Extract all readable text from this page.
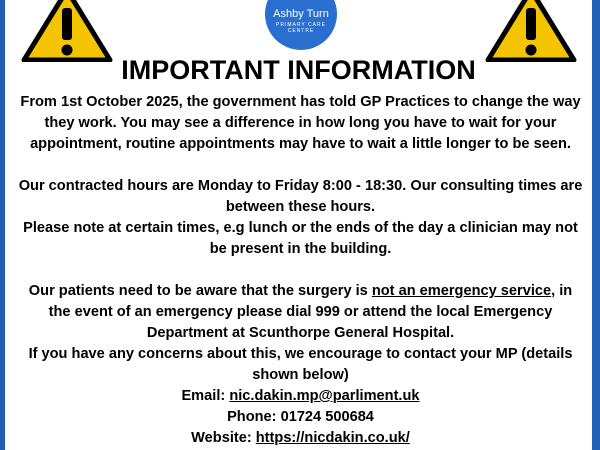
Ashby Turn
PRIMARY CARE CENTRE
IMPORTANT INFORMATION

From 1st October 2025, the government has told GP Practices to change the way they work. You may see a difference in how long you have to wait for your appointment, routine appointments may have to wait a little longer to be seen.

Our contracted hours are Monday to Friday 8:00 - 18:30. Our consulting times are between these hours.

Please note at certain times, e.g lunch or the ends of the day a clinician may not be present in the building.

Our patients need to be aware that the surgery is not an emergency service, in the event of an emergency please dial 999 or attend the local Emergency Department at Scunthorpe General Hospital.

If you have any concerns about this, we encourage to contact your MP (details shown below)

Email: nic.dakin.mp@parliment.uk

Phone: 01724 500684

Website: https://nicdakin.co.uk/
